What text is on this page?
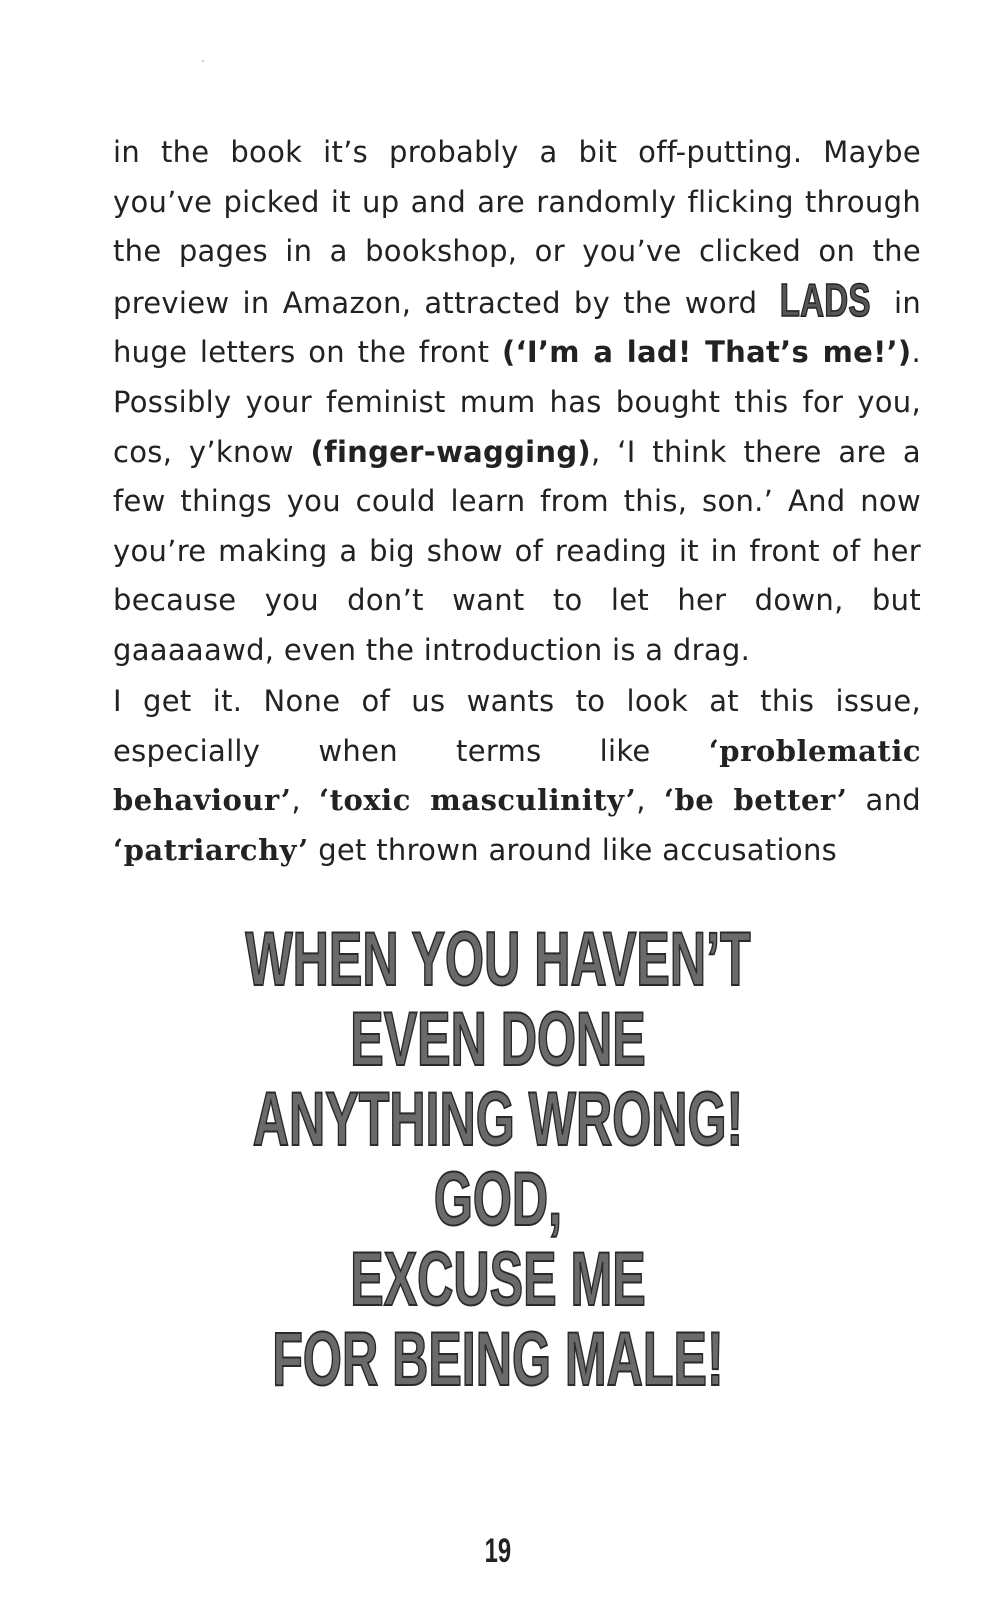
in the book it’s probably a bit off-putting. Maybe you’ve picked it up and are randomly flicking through the pages in a bookshop, or you’ve clicked on the preview in Amazon, attracted by the word LADS in huge letters on the front (‘I’m a lad! That’s me!’). Possibly your feminist mum has bought this for you, cos, y’know (finger-wagging), ‘I think there are a few things you could learn from this, son.’ And now you’re making a big show of reading it in front of her because you don’t want to let her down, but gaaaaawd, even the introduction is a drag.

I get it. None of us wants to look at this issue, especially when terms like ‘problematic behaviour’, ‘toxic masculinity’, ‘be better’ and ‘patriarchy’ get thrown around like accusations

WHEN YOU HAVEN’T
EVEN DONE
ANYTHING WRONG!
GOD,
EXCUSE ME
FOR BEING MALE!
19
